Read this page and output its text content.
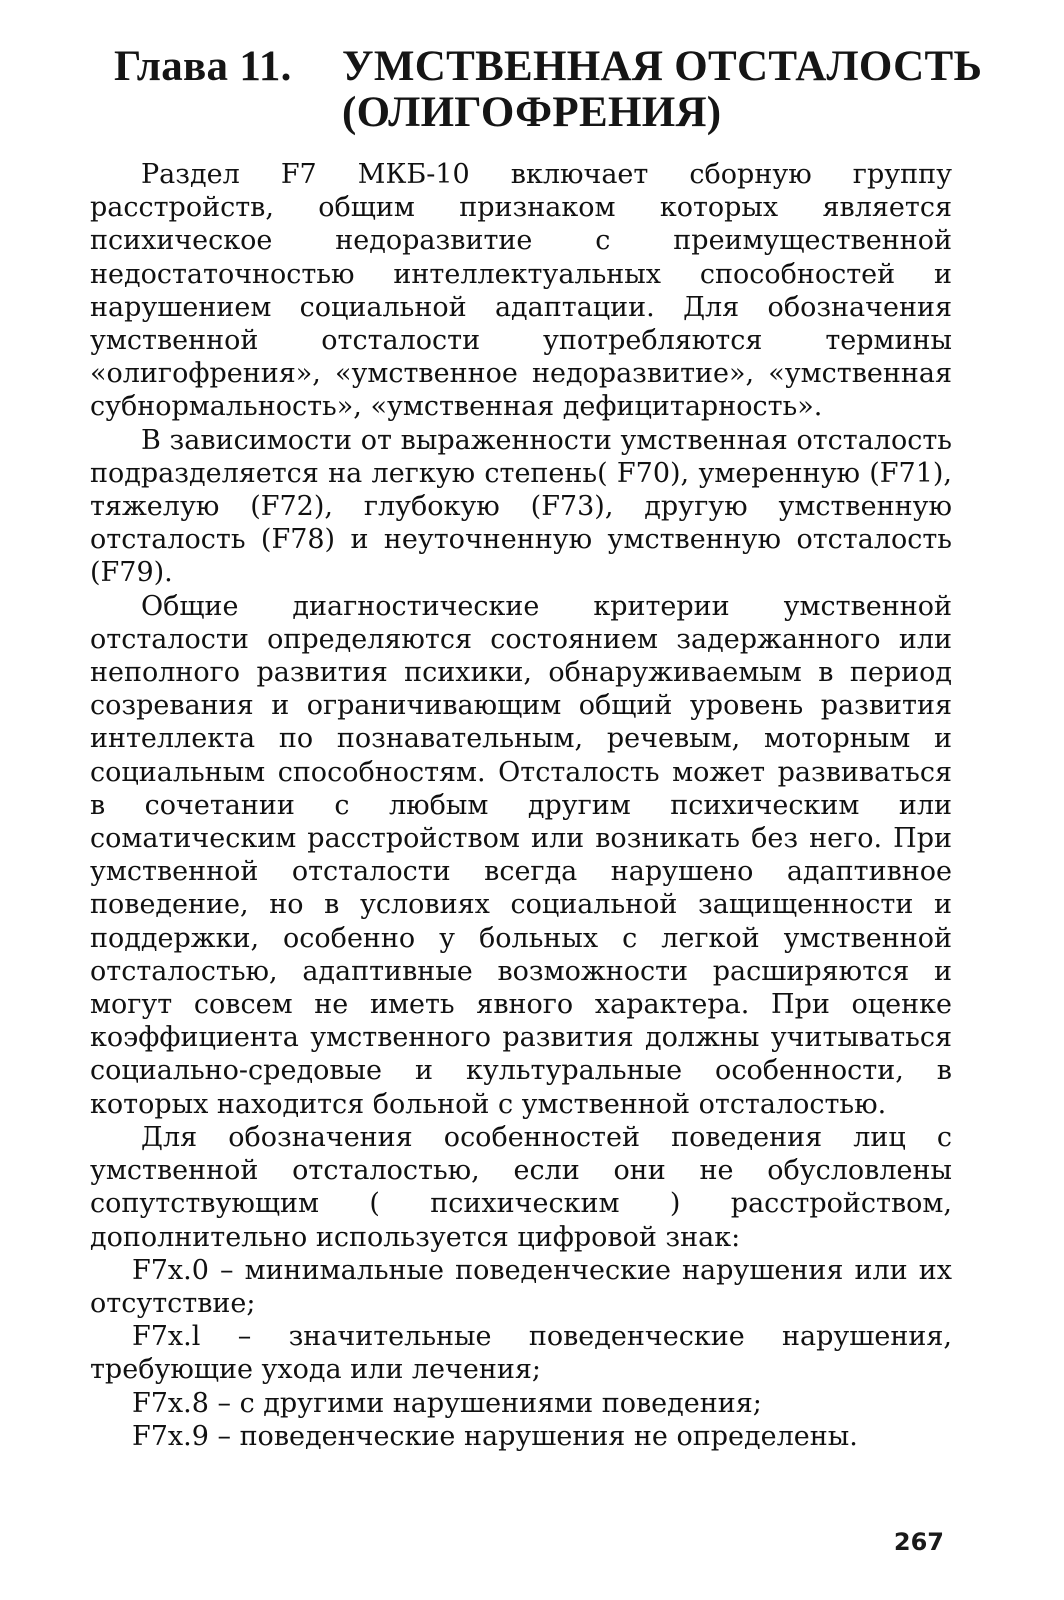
Глава 11. УМСТВЕННАЯ ОТСТАЛОСТЬ
(ОЛИГОФРЕНИЯ)

Раздел F7 МКБ-10 включает сборную группу расстройств, общим признаком которых является психическое недоразвитие с преимущественной недостаточностью интеллектуальных способностей и нарушением социальной адаптации. Для обозначения умственной отсталости употребляются термины «олигофрения», «умственное недоразвитие», «умственная субнормальность», «умственная дефицитарность».

В зависимости от выраженности умственная отсталость подразделяется на легкую степень( F70), умеренную (F71), тяжелую (F72), глубокую (F73), другую умственную отсталость (F78) и неуточненную умственную отсталость (F79).

Общие диагностические критерии умственной отсталости определяются состоянием задержанного или неполного развития психики, обнаруживаемым в период созревания и ограничивающим общий уровень развития интеллекта по познавательным, речевым, моторным и социальным способностям. Отсталость может развиваться в сочетании с любым другим психическим или соматическим расстройством или возникать без него. При умственной отсталости всегда нарушено адаптивное поведение, но в условиях социальной защищенности и поддержки, особенно у больных с легкой умственной отсталостью, адаптивные возможности расширяются и могут совсем не иметь явного характера. При оценке коэффициента умственного развития должны учитываться социально-средовые и культуральные особенности, в которых находится больной с умственной отсталостью.

Для обозначения особенностей поведения лиц с умственной отсталостью, если они не обусловлены сопутствующим ( психическим ) расстройством, дополнительно используется цифровой знак:

F7x.0 – минимальные поведенческие нарушения или их отсутствие;
F7x.l – значительные поведенческие нарушения, требующие ухода или лечения;
F7x.8 – с другими нарушениями поведения;
F7x.9 – поведенческие нарушения не определены.
267
